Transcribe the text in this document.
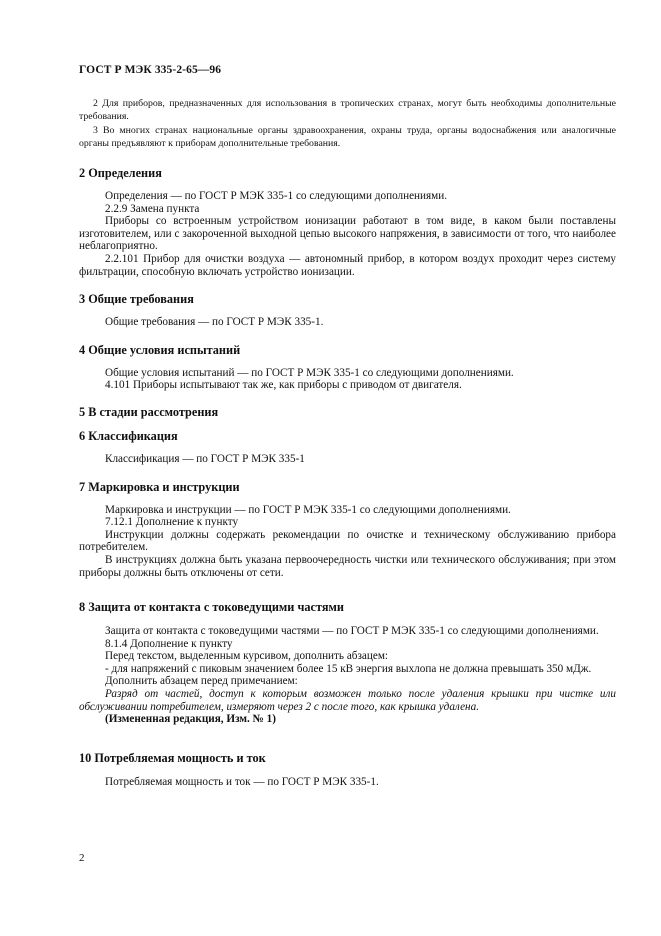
ГОСТ Р МЭК 335-2-65—96

2 Для приборов, предназначенных для использования в тропических странах, могут быть необходимы дополнительные требования.

3 Во многих странах национальные органы здравоохранения, охраны труда, органы водоснабжения или аналогичные органы предъявляют к приборам дополнительные требования.

2 Определения

Определения — по ГОСТ Р МЭК 335-1 со следующими дополнениями.

2.2.9 Замена пункта

Приборы со встроенным устройством ионизации работают в том виде, в каком были поставлены изготовителем, или с закороченной выходной цепью высокого напряжения, в зависимости от того, что наиболее неблагоприятно.

2.2.101 Прибор для очистки воздуха — автономный прибор, в котором воздух проходит через систему фильтрации, способную включать устройство ионизации.

3 Общие требования

Общие требования — по ГОСТ Р МЭК 335-1.

4 Общие условия испытаний

Общие условия испытаний — по ГОСТ Р МЭК 335-1 со следующими дополнениями.

4.101 Приборы испытывают так же, как приборы с приводом от двигателя.

5 В стадии рассмотрения
6 Классификация

Классификация — по ГОСТ Р МЭК 335-1

7 Маркировка и инструкции

Маркировка и инструкции — по ГОСТ Р МЭК 335-1 со следующими дополнениями.

7.12.1 Дополнение к пункту

Инструкции должны содержать рекомендации по очистке и техническому обслуживанию прибора потребителем.

В инструкциях должна быть указана первоочередность чистки или технического обслуживания; при этом приборы должны быть отключены от сети.

8 Защита от контакта с токоведущими частями

Защита от контакта с токоведущими частями — по ГОСТ Р МЭК 335-1 со следующими дополнениями.

8.1.4 Дополнение к пункту

Перед текстом, выделенным курсивом, дополнить абзацем:

- для напряжений с пиковым значением более 15 кВ энергия выхлопа не должна превышать 350 мДж.

Дополнить абзацем перед примечанием:

Разряд от частей, доступ к которым возможен только после удаления крышки при чистке или обслуживании потребителем, измеряют через 2 с после того, как крышка удалена.

(Измененная редакция, Изм. № 1)

10 Потребляемая мощность и ток

Потребляемая мощность и ток — по ГОСТ Р МЭК 335-1.

2
